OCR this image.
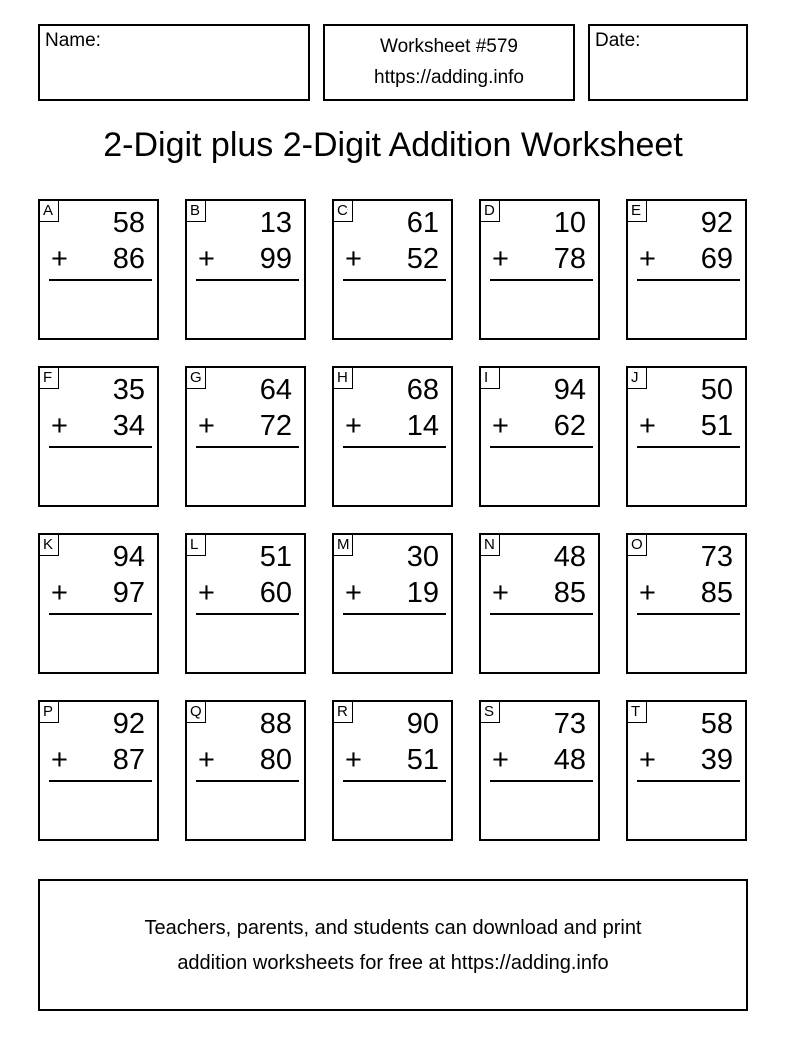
Name:	Worksheet #579
https://adding.info
Date:
2-Digit plus 2-Digit Addition Worksheet
A 58
+ 86
B 13
+ 99
C 61
+ 52
D 10
+ 78
E 92
+ 69
F 35
+ 34
G 64
+ 72
H 68
+ 14
I	94
+ 62
J 50
+ 51
K 94
+ 97
L 51
+ 60
M 30
+ 19
N 48
+ 85
O 73
+ 85
P 92
+ 87
Q 88
+ 80
R 90
+ 51
S 73
+ 48
T 58
+ 39
Teachers, parents, and students can download and print
addition worksheets for free at https://adding.info
